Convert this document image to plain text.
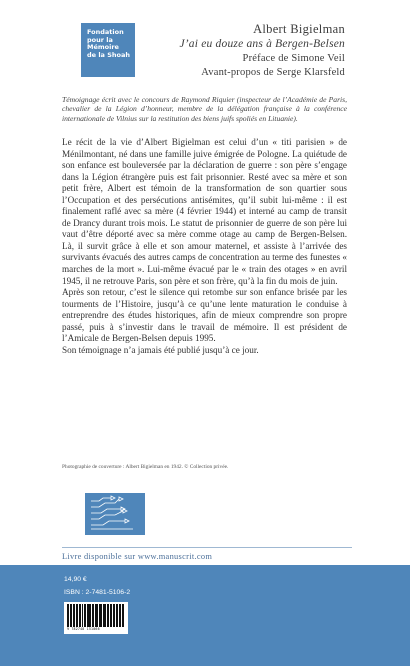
Fondation
pour la
Mémoire
de la Shoah
Albert Bigielman
J’ai eu douze ans à Bergen-Belsen
Préface de Simone Veil
Avant-propos de Serge Klarsfeld

Témoignage écrit avec le concours de Raymond Riquier (inspecteur de l’Académie de Paris, chevalier de la Légion d’honneur, membre de la délégation française à la conférence internationale de Vilnius sur la restitution des biens juifs spoliés en Lituanie).

Le récit de la vie d’Albert Bigielman est celui d’un « titi parisien » de Ménilmontant, né dans une famille juive émigrée de Pologne. La quiétude de son enfance est bouleversée par la déclaration de guerre : son père s’engage dans la Légion étrangère puis est fait prisonnier. Resté avec sa mère et son petit frère, Albert est témoin de la transformation de son quartier sous l’Occupation et des persécutions antisémites, qu’il subit lui-même : il est finalement raflé avec sa mère (4 février 1944) et interné au camp de transit de Drancy durant trois mois. Le statut de prisonnier de guerre de son père lui vaut d’être déporté avec sa mère comme otage au camp de Bergen-Belsen. Là, il survit grâce à elle et son amour maternel, et assiste à l’arrivée des survivants évacués des autres camps de concentration au terme des funestes « marches de la mort ». Lui-même évacué par le « train des otages » en avril 1945, il ne retrouve Paris, son père et son frère, qu’à la fin du mois de juin.

Après son retour, c’est le silence qui retombe sur son enfance brisée par les tourments de l’Histoire, jusqu’à ce qu’une lente maturation le conduise à entreprendre des études historiques, afin de mieux comprendre son propre passé, puis à s’investir dans le travail de mémoire. Il est président de l’Amicale de Bergen-Belsen depuis 1995.

Son témoignage n’a jamais été publié jusqu’à ce jour.

Photographie de couverture : Albert Bigielman en 1942. © Collection privée.
Livre disponible sur www.manuscrit.com
14,90 €
ISBN : 2-7481-5106-2
9 782748 151066
